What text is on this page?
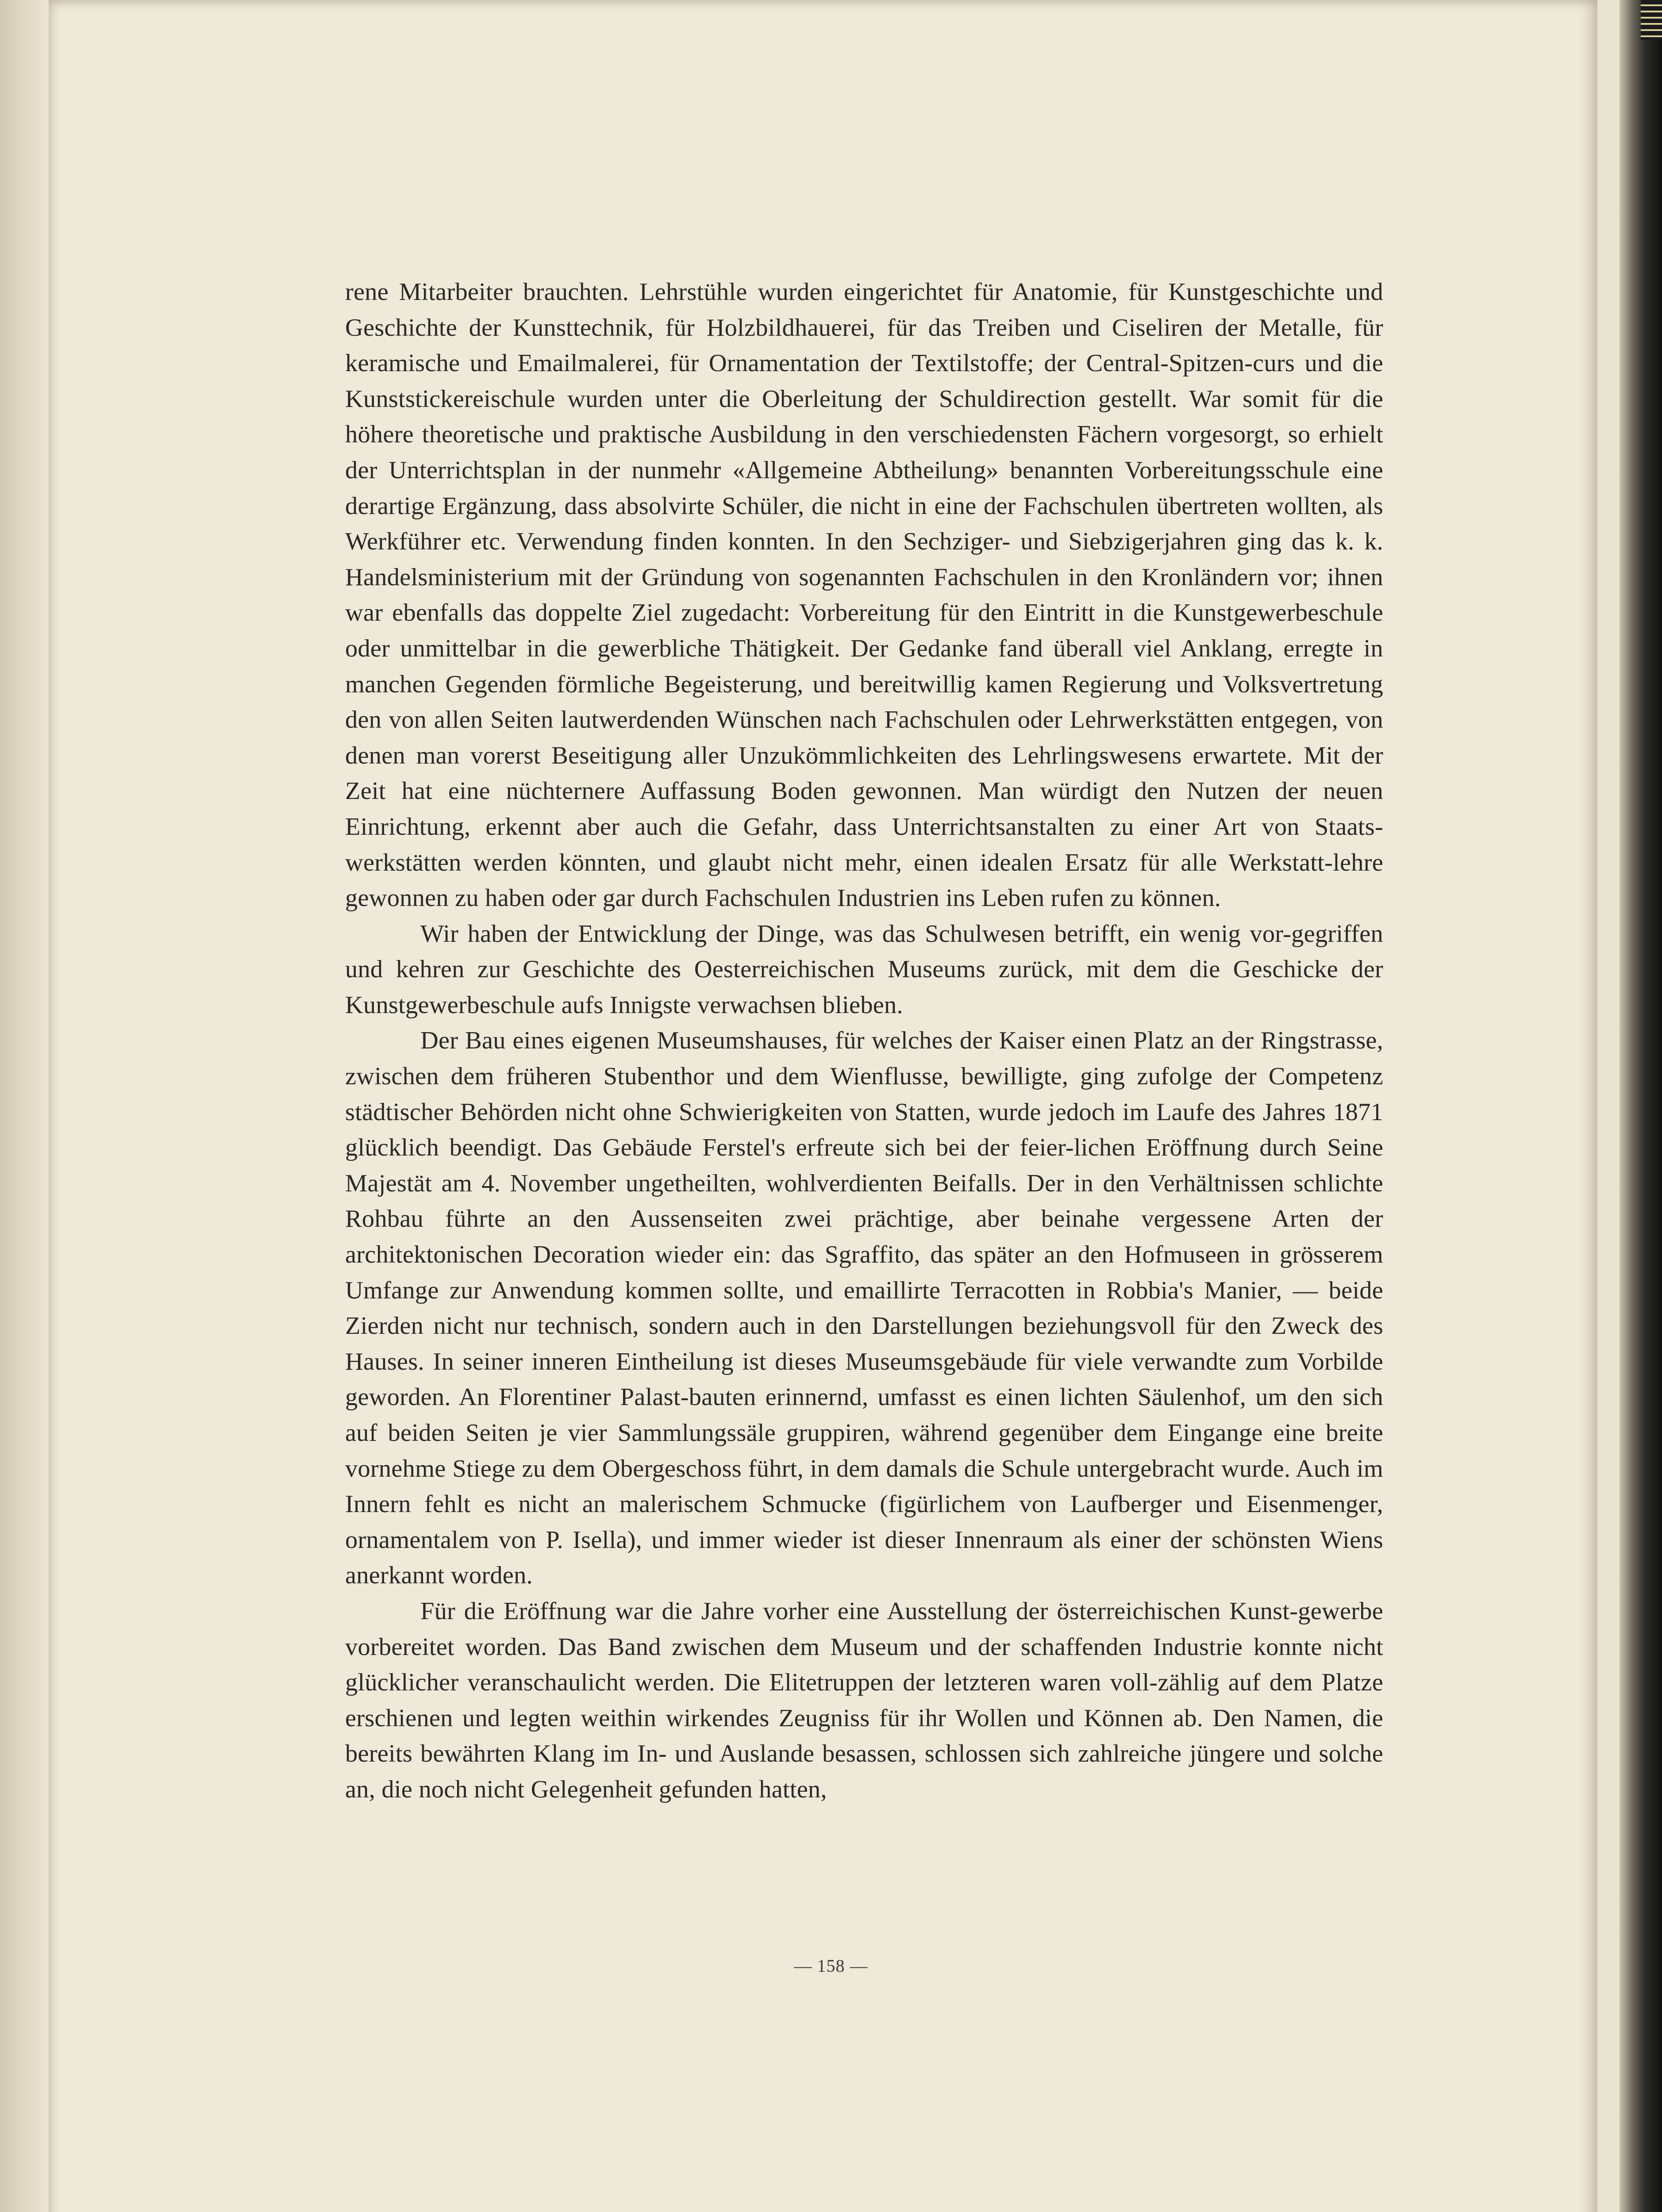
rene Mitarbeiter brauchten. Lehrstühle wurden eingerichtet für Anatomie, für Kunstgeschichte und Geschichte der Kunsttechnik, für Holzbildhauerei, für das Treiben und Ciseliren der Metalle, für keramische und Emailmalerei, für Ornamentation der Textilstoffe; der Central-Spitzen-curs und die Kunststickereischule wurden unter die Oberleitung der Schuldirection gestellt. War somit für die höhere theoretische und praktische Ausbildung in den verschiedensten Fächern vorgesorgt, so erhielt der Unterrichtsplan in der nunmehr «Allgemeine Abtheilung» benannten Vorbereitungsschule eine derartige Ergänzung, dass absolvirte Schüler, die nicht in eine der Fachschulen übertreten wollten, als Werkführer etc. Verwendung finden konnten. In den Sechziger- und Siebzigerjahren ging das k. k. Handelsministerium mit der Gründung von sogenannten Fachschulen in den Kronländern vor; ihnen war ebenfalls das doppelte Ziel zugedacht: Vorbereitung für den Eintritt in die Kunstgewerbeschule oder unmittelbar in die gewerbliche Thätigkeit. Der Gedanke fand überall viel Anklang, erregte in manchen Gegenden förmliche Begeisterung, und bereitwillig kamen Regierung und Volksvertretung den von allen Seiten lautwerdenden Wünschen nach Fachschulen oder Lehrwerkstätten entgegen, von denen man vorerst Beseitigung aller Unzukömmlichkeiten des Lehrlingswesens erwartete. Mit der Zeit hat eine nüchternere Auffassung Boden gewonnen. Man würdigt den Nutzen der neuen Einrichtung, erkennt aber auch die Gefahr, dass Unterrichtsanstalten zu einer Art von Staats-werkstätten werden könnten, und glaubt nicht mehr, einen idealen Ersatz für alle Werkstatt-lehre gewonnen zu haben oder gar durch Fachschulen Industrien ins Leben rufen zu können.

Wir haben der Entwicklung der Dinge, was das Schulwesen betrifft, ein wenig vor-gegriffen und kehren zur Geschichte des Oesterreichischen Museums zurück, mit dem die Geschicke der Kunstgewerbeschule aufs Innigste verwachsen blieben.

Der Bau eines eigenen Museumshauses, für welches der Kaiser einen Platz an der Ringstrasse, zwischen dem früheren Stubenthor und dem Wienflusse, bewilligte, ging zufolge der Competenz städtischer Behörden nicht ohne Schwierigkeiten von Statten, wurde jedoch im Laufe des Jahres 1871 glücklich beendigt. Das Gebäude Ferstel's erfreute sich bei der feier-lichen Eröffnung durch Seine Majestät am 4. November ungetheilten, wohlverdienten Beifalls. Der in den Verhältnissen schlichte Rohbau führte an den Aussenseiten zwei prächtige, aber beinahe vergessene Arten der architektonischen Decoration wieder ein: das Sgraffito, das später an den Hofmuseen in grösserem Umfange zur Anwendung kommen sollte, und emaillirte Terracotten in Robbia's Manier, — beide Zierden nicht nur technisch, sondern auch in den Darstellungen beziehungsvoll für den Zweck des Hauses. In seiner inneren Eintheilung ist dieses Museumsgebäude für viele verwandte zum Vorbilde geworden. An Florentiner Palast-bauten erinnernd, umfasst es einen lichten Säulenhof, um den sich auf beiden Seiten je vier Sammlungssäle gruppiren, während gegenüber dem Eingange eine breite vornehme Stiege zu dem Obergeschoss führt, in dem damals die Schule untergebracht wurde. Auch im Innern fehlt es nicht an malerischem Schmucke (figürlichem von Laufberger und Eisenmenger, ornamentalem von P. Isella), und immer wieder ist dieser Innenraum als einer der schönsten Wiens anerkannt worden.

Für die Eröffnung war die Jahre vorher eine Ausstellung der österreichischen Kunst-gewerbe vorbereitet worden. Das Band zwischen dem Museum und der schaffenden Industrie konnte nicht glücklicher veranschaulicht werden. Die Elitetruppen der letzteren waren voll-zählig auf dem Platze erschienen und legten weithin wirkendes Zeugniss für ihr Wollen und Können ab. Den Namen, die bereits bewährten Klang im In- und Auslande besassen, schlossen sich zahlreiche jüngere und solche an, die noch nicht Gelegenheit gefunden hatten,

— 158 —
